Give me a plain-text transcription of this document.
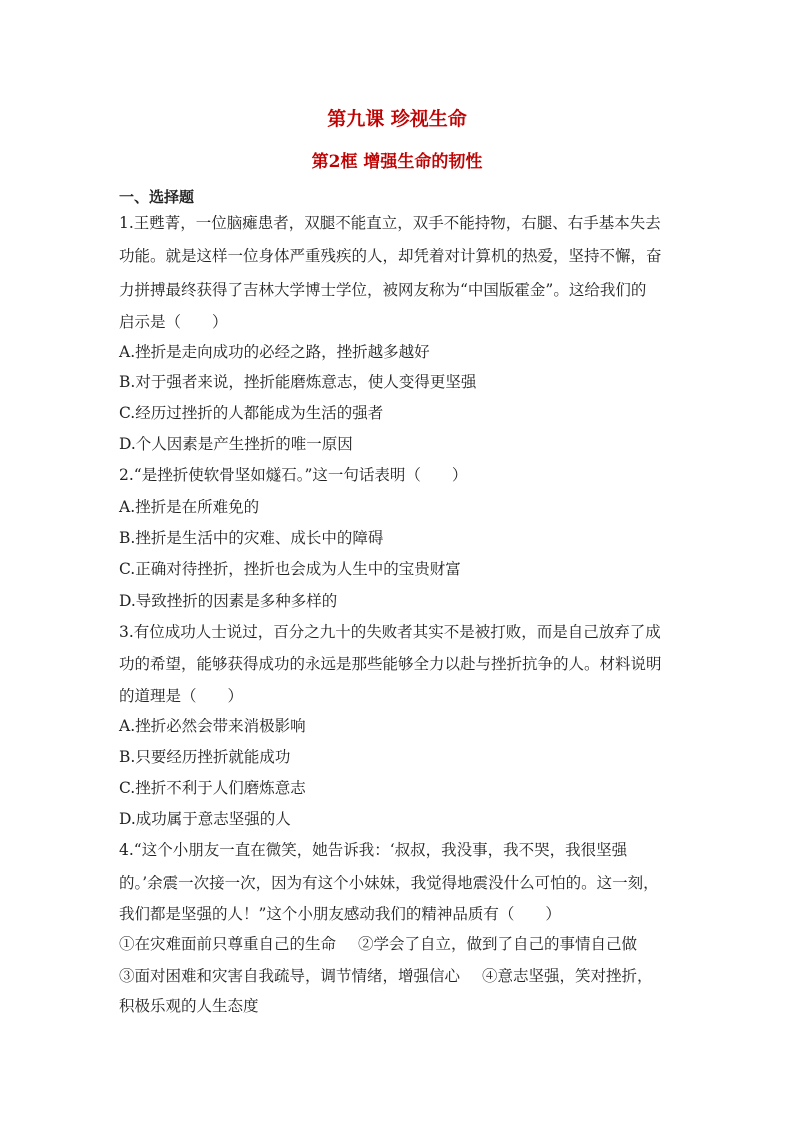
第九课 珍视生命
第2框 增强生命的韧性

一、选择题

1.王甦菁，一位脑瘫患者，双腿不能直立，双手不能持物，右腿、右手基本失去

功能。就是这样一位身体严重残疾的人，却凭着对计算机的热爱，坚持不懈，奋

力拼搏最终获得了吉林大学博士学位，被网友称为“中国版霍金”。这给我们的

启示是（　　）

A.挫折是走向成功的必经之路，挫折越多越好

B.对于强者来说，挫折能磨炼意志，使人变得更坚强

C.经历过挫折的人都能成为生活的强者

D.个人因素是产生挫折的唯一原因

2.“是挫折使软骨坚如燧石。”这一句话表明（　　）

A.挫折是在所难免的

B.挫折是生活中的灾难、成长中的障碍

C.正确对待挫折，挫折也会成为人生中的宝贵财富

D.导致挫折的因素是多种多样的

3.有位成功人士说过，百分之九十的失败者其实不是被打败，而是自己放弃了成

功的希望，能够获得成功的永远是那些能够全力以赴与挫折抗争的人。材料说明

的道理是（　　）

A.挫折必然会带来消极影响

B.只要经历挫折就能成功

C.挫折不利于人们磨炼意志

D.成功属于意志坚强的人

4.“这个小朋友一直在微笑，她告诉我：‘叔叔，我没事，我不哭，我很坚强

的。’余震一次接一次，因为有这个小妹妹，我觉得地震没什么可怕的。这一刻，

我们都是坚强的人！”这个小朋友感动我们的精神品质有（　　）

①在灾难面前只尊重自己的生命 ②学会了自立，做到了自己的事情自己做

③面对困难和灾害自我疏导，调节情绪，增强信心 ④意志坚强，笑对挫折，

积极乐观的人生态度
